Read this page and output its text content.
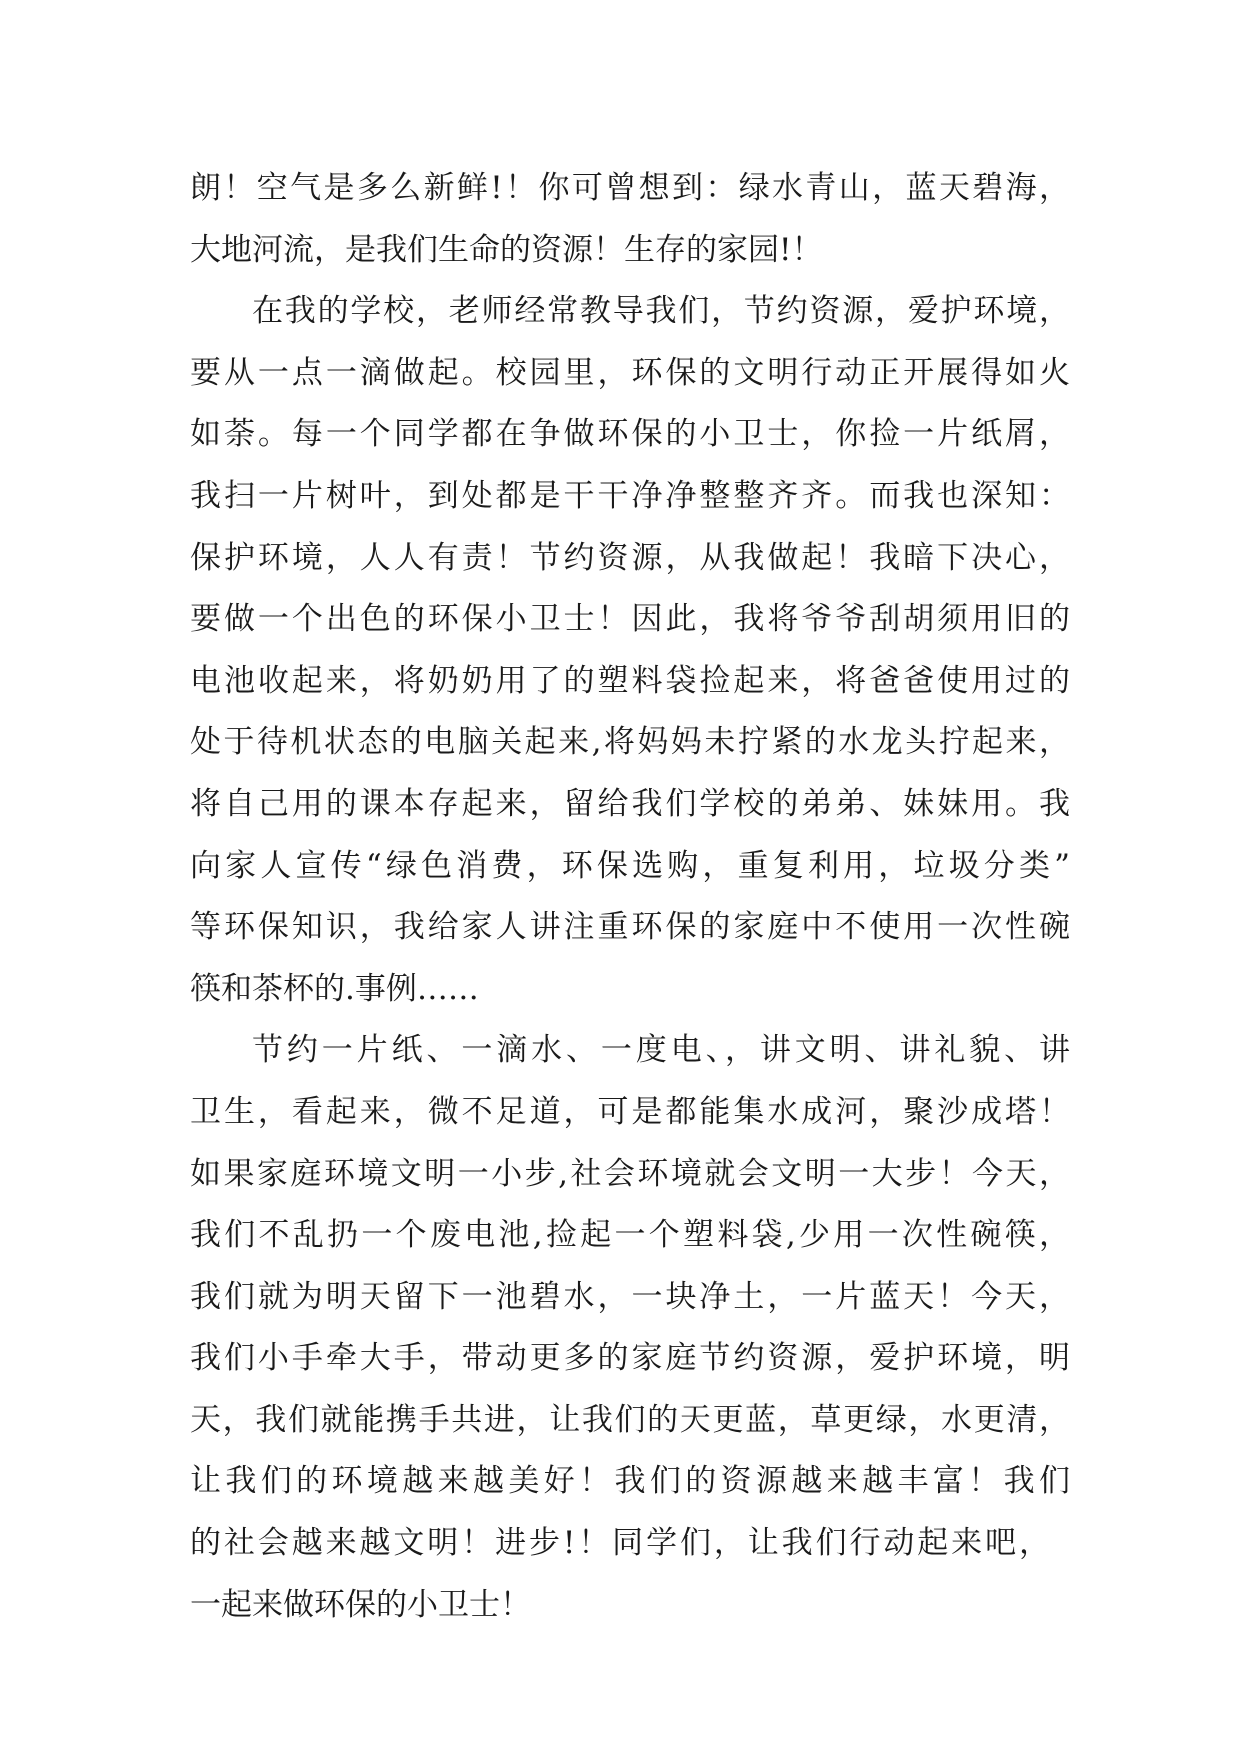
朗！空气是多么新鲜!！你可曾想到：绿水青山，蓝天碧海，
大地河流，是我们生命的资源！生存的家园!！
在我的学校，老师经常教导我们，节约资源，爱护环境，
要从一点一滴做起。校园里，环保的文明行动正开展得如火
如荼。每一个同学都在争做环保的小卫士，你捡一片纸屑，
我扫一片树叶，到处都是干干净净整整齐齐。而我也深知：
保护环境，人人有责！节约资源，从我做起！我暗下决心，
要做一个出色的环保小卫士！因此，我将爷爷刮胡须用旧的
电池收起来，将奶奶用了的塑料袋捡起来，将爸爸使用过的
处于待机状态的电脑关起来,将妈妈未拧紧的水龙头拧起来，
将自己用的课本存起来，留给我们学校的弟弟、妹妹用。我
向家人宣传“绿色消费，环保选购，重复利用，垃圾分类”
等环保知识，我给家人讲注重环保的家庭中不使用一次性碗
筷和茶杯的.事例……
节约一片纸、一滴水、一度电、，讲文明、讲礼貌、讲
卫生，看起来，微不足道，可是都能集水成河，聚沙成塔！
如果家庭环境文明一小步,社会环境就会文明一大步！今天，
我们不乱扔一个废电池,捡起一个塑料袋,少用一次性碗筷，
我们就为明天留下一池碧水，一块净土，一片蓝天！今天，
我们小手牵大手，带动更多的家庭节约资源，爱护环境，明
天，我们就能携手共进，让我们的天更蓝，草更绿，水更清，
让我们的环境越来越美好！我们的资源越来越丰富！我们
的社会越来越文明！进步!！同学们，让我们行动起来吧，
一起来做环保的小卫士！
